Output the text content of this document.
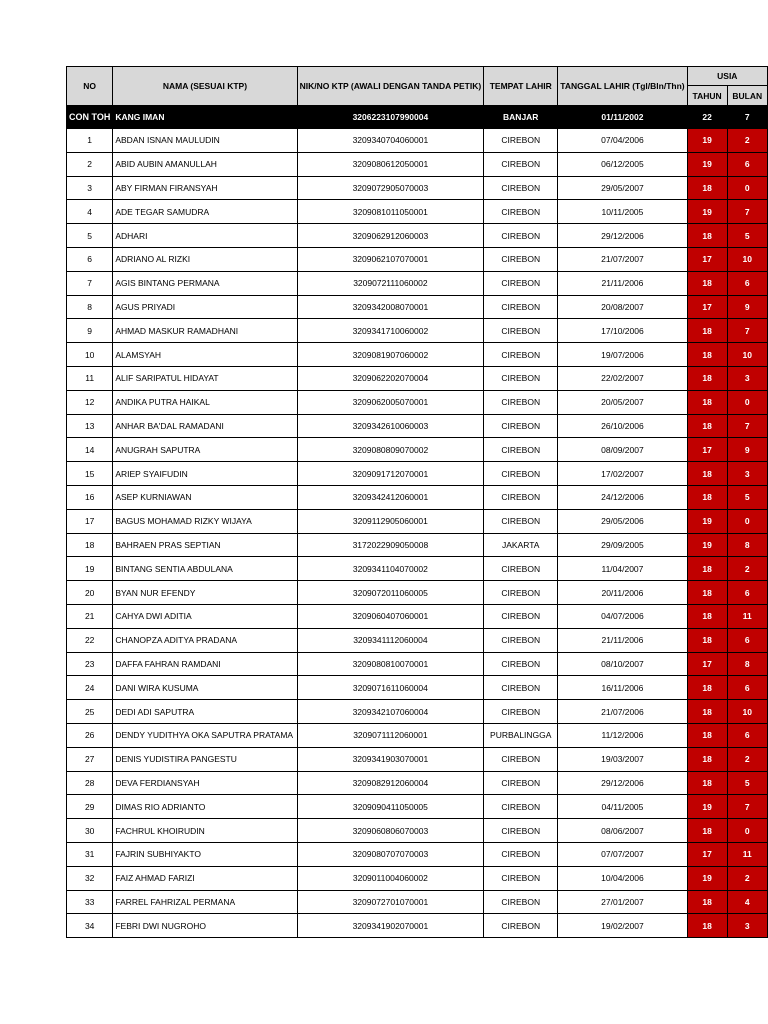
NO	NAMA (SESUAI KTP)	NIK/NO KTP (AWALI DENGAN TANDA PETIK)	TEMPAT LAHIR	TANGGAL LAHIR (Tgl/Bln/Thn)	USIA	
					TAHUN	BULAN
CON TOH	KANG IMAN	3206223107990004	BANJAR	01/11/2002	22	7
1	ABDAN ISNAN MAULUDIN	3209340704060001	CIREBON	07/04/2006	19	2
2	ABID AUBIN AMANULLAH	3209080612050001	CIREBON	06/12/2005	19	6
3	ABY FIRMAN FIRANSYAH	3209072905070003	CIREBON	29/05/2007	18	0
4	ADE TEGAR SAMUDRA	3209081011050001	CIREBON	10/11/2005	19	7
5	ADHARI	3209062912060003	CIREBON	29/12/2006	18	5
6	ADRIANO AL RIZKI	3209062107070001	CIREBON	21/07/2007	17	10
7	AGIS BINTANG PERMANA	3209072111060002	CIREBON	21/11/2006	18	6
8	AGUS PRIYADI	3209342008070001	CIREBON	20/08/2007	17	9
9	AHMAD MASKUR RAMADHANI	3209341710060002	CIREBON	17/10/2006	18	7
10	ALAMSYAH	3209081907060002	CIREBON	19/07/2006	18	10
11	ALIF SARIPATUL HIDAYAT	3209062202070004	CIREBON	22/02/2007	18	3
12	ANDIKA PUTRA HAIKAL	3209062005070001	CIREBON	20/05/2007	18	0
13	ANHAR BA'DAL RAMADANI	3209342610060003	CIREBON	26/10/2006	18	7
14	ANUGRAH SAPUTRA	3209080809070002	CIREBON	08/09/2007	17	9
15	ARIEP SYAIFUDIN	3209091712070001	CIREBON	17/02/2007	18	3
16	ASEP KURNIAWAN	3209342412060001	CIREBON	24/12/2006	18	5
17	BAGUS MOHAMAD RIZKY WIJAYA	3209112905060001	CIREBON	29/05/2006	19	0
18	BAHRAEN PRAS SEPTIAN	3172022909050008	JAKARTA	29/09/2005	19	8
19	BINTANG SENTIA ABDULANA	3209341104070002	CIREBON	11/04/2007	18	2
20	BYAN NUR EFENDY	3209072011060005	CIREBON	20/11/2006	18	6
21	CAHYA DWI ADITIA	3209060407060001	CIREBON	04/07/2006	18	11
22	CHANOPZA ADITYA PRADANA	3209341112060004	CIREBON	21/11/2006	18	6
23	DAFFA FAHRAN RAMDANI	3209080810070001	CIREBON	08/10/2007	17	8
24	DANI WIRA KUSUMA	3209071611060004	CIREBON	16/11/2006	18	6
25	DEDI ADI SAPUTRA	3209342107060004	CIREBON	21/07/2006	18	10
26	DENDY YUDITHYA OKA SAPUTRA PRATAMA	3209071112060001	PURBALINGGA	11/12/2006	18	6
27	DENIS YUDISTIRA PANGESTU	3209341903070001	CIREBON	19/03/2007	18	2
28	DEVA FERDIANSYAH	3209082912060004	CIREBON	29/12/2006	18	5
29	DIMAS RIO ADRIANTO	3209090411050005	CIREBON	04/11/2005	19	7
30	FACHRUL KHOIRUDIN	3209060806070003	CIREBON	08/06/2007	18	0
31	FAJRIN SUBHIYAKTO	3209080707070003	CIREBON	07/07/2007	17	11
32	FAIZ AHMAD FARIZI	3209011004060002	CIREBON	10/04/2006	19	2
33	FARREL FAHRIZAL PERMANA	3209072701070001	CIREBON	27/01/2007	18	4
34	FEBRI DWI NUGROHO	3209341902070001	CIREBON	19/02/2007	18	3
